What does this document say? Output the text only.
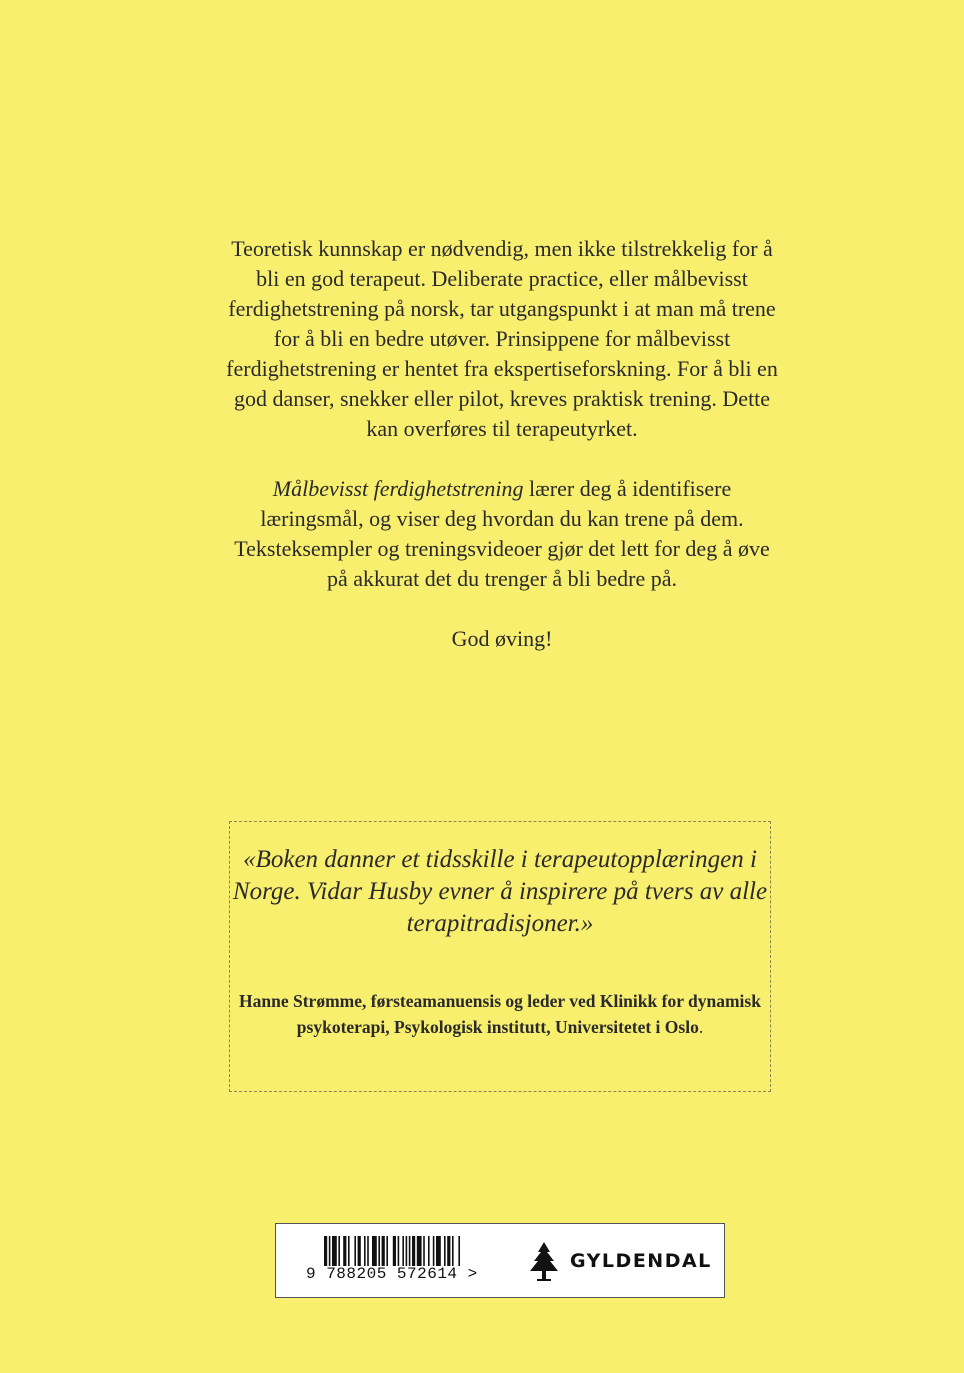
Teoretisk kunnskap er nødvendig, men ikke tilstrekkelig for å bli en god terapeut. Deliberate practice, eller målbevisst ferdighetstrening på norsk, tar utgangspunkt i at man må trene for å bli en bedre utøver. Prinsippene for målbevisst ferdighetstrening er hentet fra ekspertiseforskning. For å bli en god danser, snekker eller pilot, kreves praktisk trening. Dette kan overføres til terapeutyrket.

Målbevisst ferdighetstrening lærer deg å identifisere læringsmål, og viser deg hvordan du kan trene på dem. Teksteksempler og treningsvideoer gjør det lett for deg å øve på akkurat det du trenger å bli bedre på.

God øving!

«Boken danner et tidsskille i terapeutopplæringen i Norge. Vidar Husby evner å inspirere på tvers av alle terapitradisjoner.»
Hanne Strømme, førsteamanuensis og leder ved Klinikk for dynamisk psykoterapi, Psykologisk institutt, Universitetet i Oslo.
9 788205 572614 >
GYLDENDAL
